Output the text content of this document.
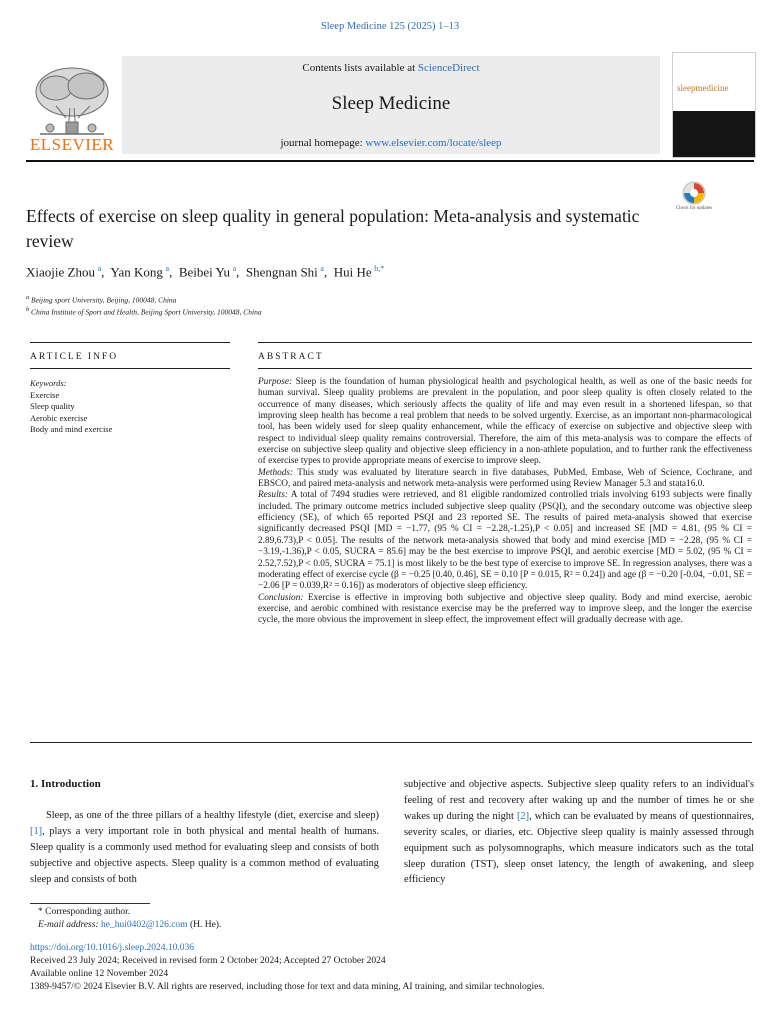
Sleep Medicine 125 (2025) 1–13
Contents lists available at ScienceDirect
Sleep Medicine
journal homepage: www.elsevier.com/locate/sleep
ELSEVIER
sleepmedicine
Check for updates
Effects of exercise on sleep quality in general population: Meta-analysis and systematic review
Xiaojie Zhou  $^a$,  Yan Kong  $^a$,  Beibei Yu  $^a$,  Shengnan Shi  $^a$,  Hui He  $^{b,*}$
$^a$ Beijing sport University, Beijing, 100048, China
$^b$ China Institute of Sport and Health, Beijing Sport University, 100048, China
ARTICLE INFO	ABSTRACT
Keywords:
Exercise
Sleep quality
Aerobic exercise
Body and mind exercise

Purpose: Sleep is the foundation of human physiological health and psychological health, as well as one of the basic needs for human survival. Sleep quality problems are prevalent in the population, and poor sleep quality is often closely related to the occurrence of many diseases, which seriously affects the quality of life and may even result in a shortened lifespan, so that improving sleep health has become a real problem that needs to be solved urgently. Exercise, as an important non-pharmacological tool, has been widely used for sleep quality enhancement, while the efficacy of exercise on subjective and objective sleep with respect to individual sleep quality remains controversial. Therefore, the aim of this meta-analysis was to compare the effects of exercise on subjective sleep quality and objective sleep efficiency in a non-athlete population, and to further rank the effectiveness of exercise types to provide appropriate means of exercise to improve sleep.

Methods: This study was evaluated by literature search in five databases, PubMed, Embase, Web of Science, Cochrane, and EBSCO, and paired meta-analysis and network meta-analysis were performed using Review Manager 5.3 and stata16.0.

Results: A total of 7494 studies were retrieved, and 81 eligible randomized controlled trials involving 6193 subjects were finally included. The primary outcome metrics included subjective sleep quality (PSQI), and the secondary outcome was objective sleep efficiency (SE), of which 65 reported PSQI and 23 reported SE. The results of paired meta-analysis showed that exercise significantly decreased PSQI [MD = −1.77, (95 % CI = −2.28,-1.25),P < 0.05] and increased SE [MD = 4.81, (95 % CI = 2.89,6.73),P < 0.05]. The results of the network meta-analysis showed that body and mind exercise [MD = −2.28, (95 % CI = −3.19,-1.36),P < 0.05, SUCRA = 85.6] may be the best exercise to improve PSQI, and aerobic exercise [MD = 5.02, (95 % CI = 2.52,7.52),P < 0.05, SUCRA = 75.1] is most likely to be the best type of exercise to improve SE. In regression analyses, there was a moderating effect of exercise cycle (β = −0.25 [0.40, 0.46], SE = 0.10 [P = 0.015, R² = 0.24]) and age (β = −0.20 [-0.04, −0.01, SE = −2.06 [P = 0.039,R² = 0.16]) as moderators of objective sleep efficiency.

Conclusion: Exercise is effective in improving both subjective and objective sleep quality. Body and mind exercise, aerobic exercise, and aerobic combined with resistance exercise may be the preferred way to improve sleep, and the longer the exercise cycle, the more obvious the improvement in sleep effect, the improvement effect will gradually decrease with age.

1. Introduction

Sleep, as one of the three pillars of a healthy lifestyle (diet, exercise and sleep) [1], plays a very important role in both physical and mental health of humans. Sleep quality is a commonly used method for evaluating sleep and consists of both subjective and objective aspects. Sleep quality is a common method of evaluating sleep and consists of both

subjective and objective aspects. Subjective sleep quality refers to an individual's feeling of rest and recovery after waking up and the number of times he or she wakes up during the night [2], which can be evaluated by means of questionnaires, severity scales, or diaries, etc. Objective sleep quality is mainly assessed through equipment such as polysomnographs, which measure indicators such as the total sleep duration (TST), sleep onset latency, the length of awakening, and sleep efficiency

* Corresponding author.
E-mail address: he_hui0402@126.com (H. He).
https://doi.org/10.1016/j.sleep.2024.10.036
Received 23 July 2024; Received in revised form 2 October 2024; Accepted 27 October 2024
Available online 12 November 2024
1389-9457/© 2024 Elsevier B.V. All rights are reserved, including those for text and data mining, AI training, and similar technologies.
